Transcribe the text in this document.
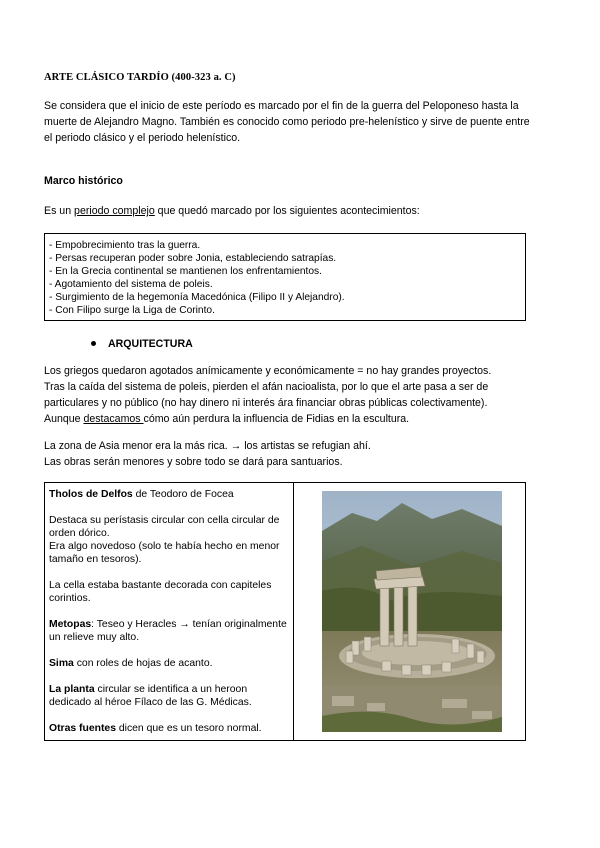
ARTE CLÁSICO TARDÍO (400-323 a. C)
Se considera que el inicio de este período es marcado por el fin de la guerra del Peloponeso hasta la
muerte de Alejandro Magno. También es conocido como periodo pre-helenístico y sirve de puente entre
el periodo clásico y el periodo helenístico.
Marco histórico
Es un periodo complejo que quedó marcado por los siguientes acontecimientos:
- Empobrecimiento tras la guerra.
- Persas recuperan poder sobre Jonia, estableciendo satrapías.
- En la Grecia continental se mantienen los enfrentamientos.
- Agotamiento del sistema de poleis.
- Surgimiento de la hegemonía Macedónica (Filipo II y Alejandro).
- Con Filipo surge la Liga de Corinto.
ARQUITECTURA
Los griegos quedaron agotados anímicamente y económicamente = no hay grandes proyectos.
Tras la caída del sistema de poleis, pierden el afán nacioalista, por lo que el arte pasa a ser de
particulares y no público (no hay dinero ni interés ára financiar obras públicas colectivamente).
Aunque destacamos cómo aún perdura la influencia de Fidias en la escultura.
La zona de Asia menor era la más rica. → los artistas se refugian ahí.
Las obras serán menores y sobre todo se dará para santuarios.

Tholos de Delfos de Teodoro de Focea

Destaca su perístasis circular con cella circular de orden dórico.

Era algo novedoso (solo te había hecho en menor tamaño en tesoros).

La cella estaba bastante decorada con capiteles corintios.

Metopas: Teseo y Heracles → tenían originalmente un relieve muy alto.

Sima con roles de hojas de acanto.

La planta circular se identifica a un heroon dedicado al héroe Fílaco de las G. Médicas.

Otras fuentes dicen que es un tesoro normal.
